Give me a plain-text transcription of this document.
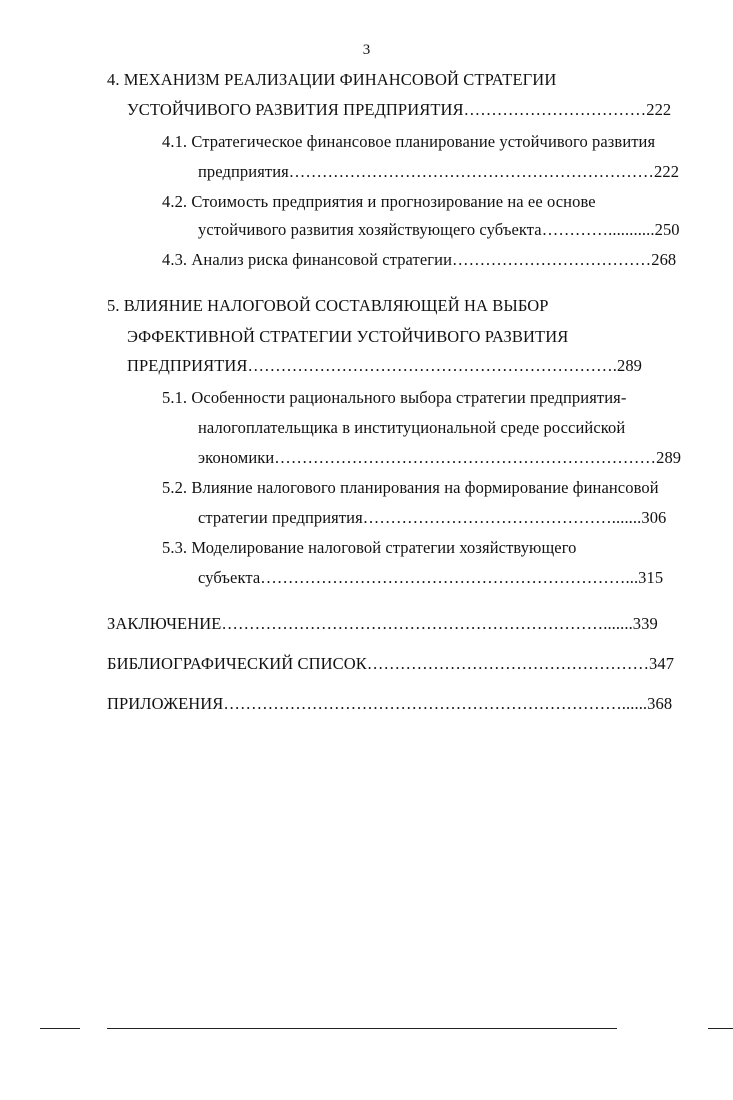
3
4. МЕХАНИЗМ РЕАЛИЗАЦИИ ФИНАНСОВОЙ СТРАТЕГИИ
УСТОЙЧИВОГО РАЗВИТИЯ ПРЕДПРИЯТИЯ……………………………222
4.1. Стратегическое финансовое планирование устойчивого развития
предприятия…………………………………………………………222
4.2. Стоимость предприятия и прогнозирование на ее основе
устойчивого развития хозяйствующего субъекта…………...........250
4.3. Анализ риска финансовой стратегии………………………………268
5. ВЛИЯНИЕ НАЛОГОВОЙ СОСТАВЛЯЮЩЕЙ НА ВЫБОР
ЭФФЕКТИВНОЙ СТРАТЕГИИ УСТОЙЧИВОГО РАЗВИТИЯ
ПРЕДПРИЯТИЯ………………………………………………………….289
5.1. Особенности рационального выбора стратегии предприятия-
налогоплательщика в институциональной среде российской
экономики……………………………………………………………289
5.2. Влияние налогового планирования на формирование финансовой
стратегии предприятия……………………………………….......306
5.3. Моделирование налоговой стратегии хозяйствующего
субъекта…………………………………………………………...315
ЗАКЛЮЧЕНИЕ…………………………………………………………….......339
БИБЛИОГРАФИЧЕСКИЙ СПИСОК……………………………………………347
ПРИЛОЖЕНИЯ………………………………………………………………......368
